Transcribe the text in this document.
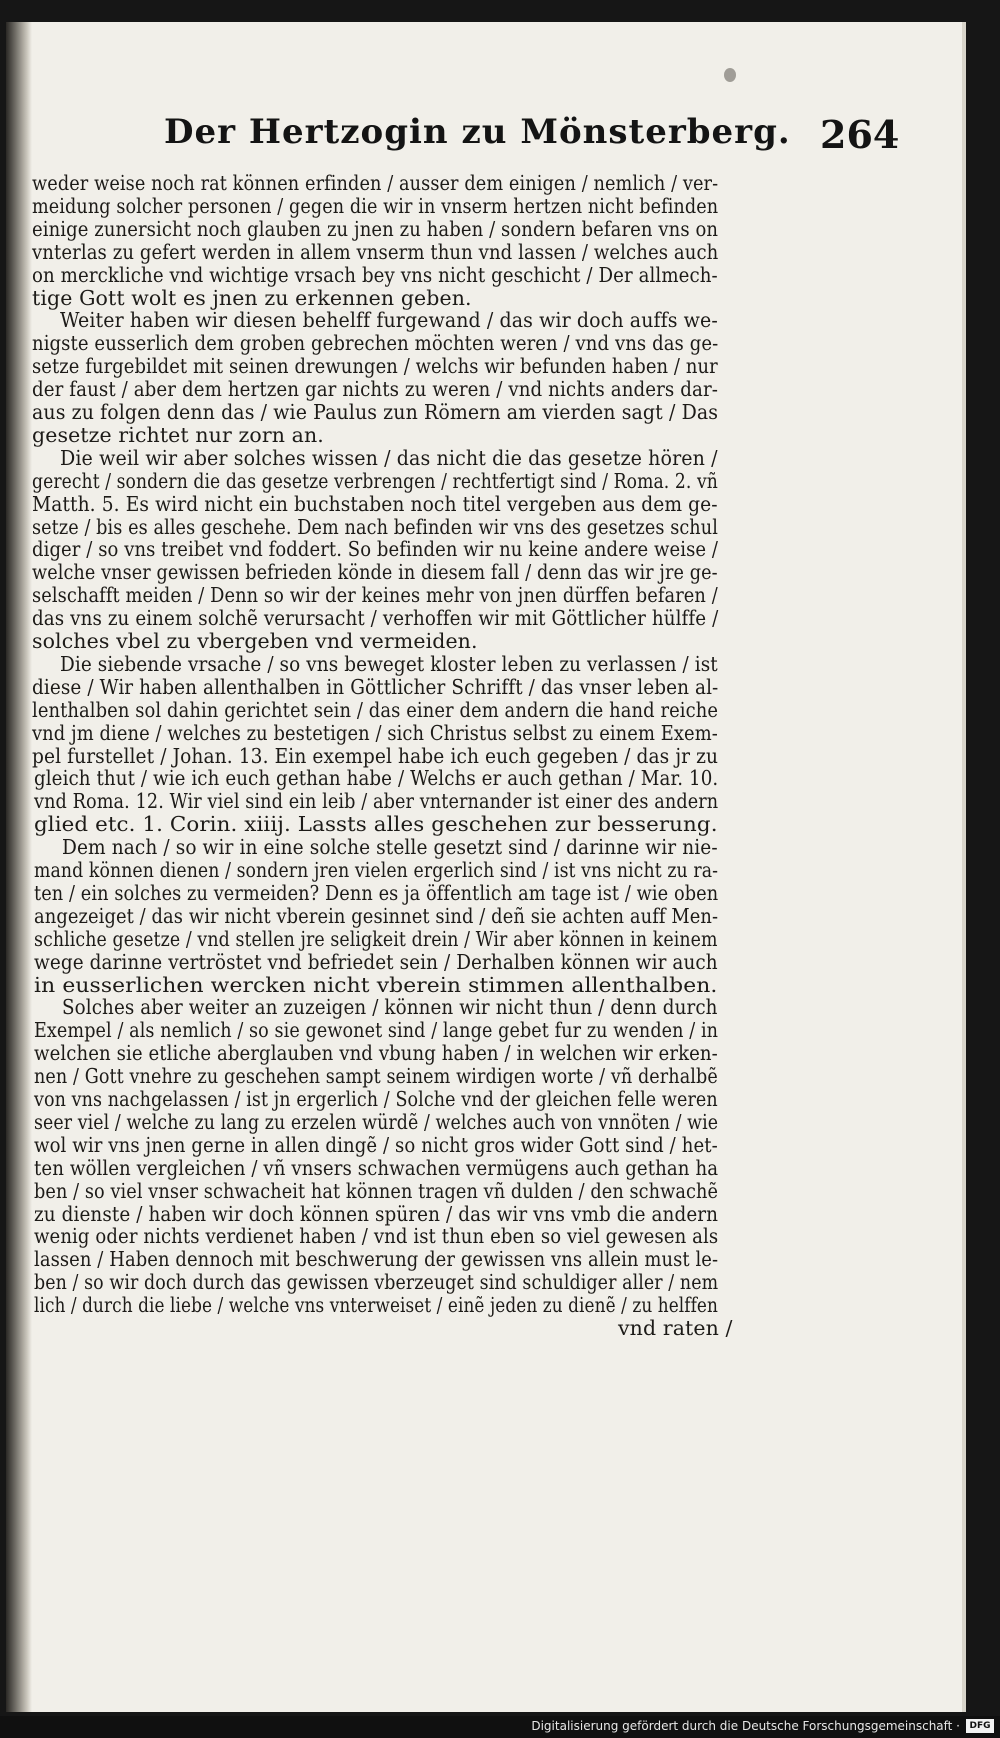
Der Hertzogin zu Mönsterberg. 264
weder weise noch rat können erfinden / ausser dem einigen / nemlich / ver-
meidung solcher personen / gegen die wir in vnserm hertzen nicht befinden
einige zunersicht noch glauben zu jnen zu haben / sondern befaren vns on
vnterlas zu gefert werden in allem vnserm thun vnd lassen / welches auch
on mercklichе vnd wichtige vrsach bey vns nicht geschicht / Der allmech-
tige Gott wolt es jnen zu erkennen geben.
Weiter haben wir diesen behelff furgewand / das wir doch auffs we-
nigste eusserlich dem groben gebrechen möchten weren / vnd vns das ge-
setze furgebildet mit seinen drewungen / welchs wir befunden haben / nur
der faust / aber dem hertzen gar nichts zu weren / vnd nichts anders dar-
aus zu folgen denn das / wie Paulus zun Römern am vierden sagt / Das
gesetze richtet nur zorn an.
Die weil wir aber solches wissen / das nicht die das gesetze hören /
gerecht / sondern die das gesetze verbrengen / rechtfertigt sind / Roma. 2. vñ
Matth. 5. Es wird nicht ein buchstaben noch titel vergeben aus dem ge-
setze / bis es alles geschehe. Dem nach befinden wir vns des gesetzes schul
diger / so vns treibet vnd foddert. So befinden wir nu keine andere weise /
welche vnser gewissen befrieden könde in diesem fall / denn das wir jre ge-
selschafft meiden / Denn so wir der keines mehr von jnen dürffen befaren /
das vns zu einem solchẽ verursacht / verhoffen wir mit Göttlicher hülffe /
solches vbel zu vbergeben vnd vermeiden.
Die siebende vrsache / so vns beweget kloster leben zu verlassen / ist
diese / Wir haben allenthalben in Göttlicher Schrifft / das vnser leben al-
lenthalben sol dahin gerichtet sein / das einer dem andern die hand reiche
vnd jm diene / welches zu bestetigen / sich Christus selbst zu einem Exem-
pel furstellet / Johan. 13. Ein exempel habe ich euch gegeben / das jr zu
gleich thut / wie ich euch gethan habe / Welchs er auch gethan / Mar. 10.
vnd Roma. 12. Wir viel sind ein leib / aber vnternander ist einer des andern
glied etc. 1. Corin. xiiij. Lassts alles geschehen zur besserung.
Dem nach / so wir in eine solche stelle gesetzt sind / darinne wir nie-
mand können dienen / sondern jren vielen ergerlich sind / ist vns nicht zu ra-
ten / ein solches zu vermeiden? Denn es ja öffentlich am tage ist / wie oben
angezeiget / das wir nicht vberein gesinnet sind / deñ sie achten auff Men-
schliche gesetze / vnd stellen jre seligkeit drein / Wir aber können in keinem
wege darinne vertröstet vnd befriedet sein / Derhalben können wir auch
in eusserlichen wercken nicht vberein stimmen allenthalben.
Solches aber weiter an zuzeigen / können wir nicht thun / denn durch
Exempel / als nemlich / so sie gewonet sind / lange gebet fur zu wenden / in
welchen sie etliche aberglauben vnd vbung haben / in welchen wir erken-
nen / Gott vnehre zu geschehen sampt seinem wirdigen worte / vñ derhalbẽ
von vns nachgelassen / ist jn ergerlich / Solche vnd der gleichen felle weren
seer viel / welche zu lang zu erzelen würdẽ / welches auch von vnnöten / wie
wol wir vns jnen gerne in allen dingẽ / so nicht gros wider Gott sind / het-
ten wöllen vergleichen / vñ vnsers schwachen vermügens auch gethan ha
ben / so viel vnser schwacheit hat können tragen vñ dulden / den schwachẽ
zu dienste / haben wir doch können spüren / das wir vns vmb die andern
wenig oder nichts verdienet haben / vnd ist thun eben so viel gewesen als
lassen / Haben dennoch mit beschwerung der gewissen vns allein must le-
ben / so wir doch durch das gewissen vberzeuget sind schuldiger aller / nem
lich / durch die liebe / welche vns vnterweiset / einẽ jeden zu dienẽ / zu helffen
vnd raten /
Digitalisierung gefördert durch die Deutsche Forschungsgemeinschaft ·	DFG
